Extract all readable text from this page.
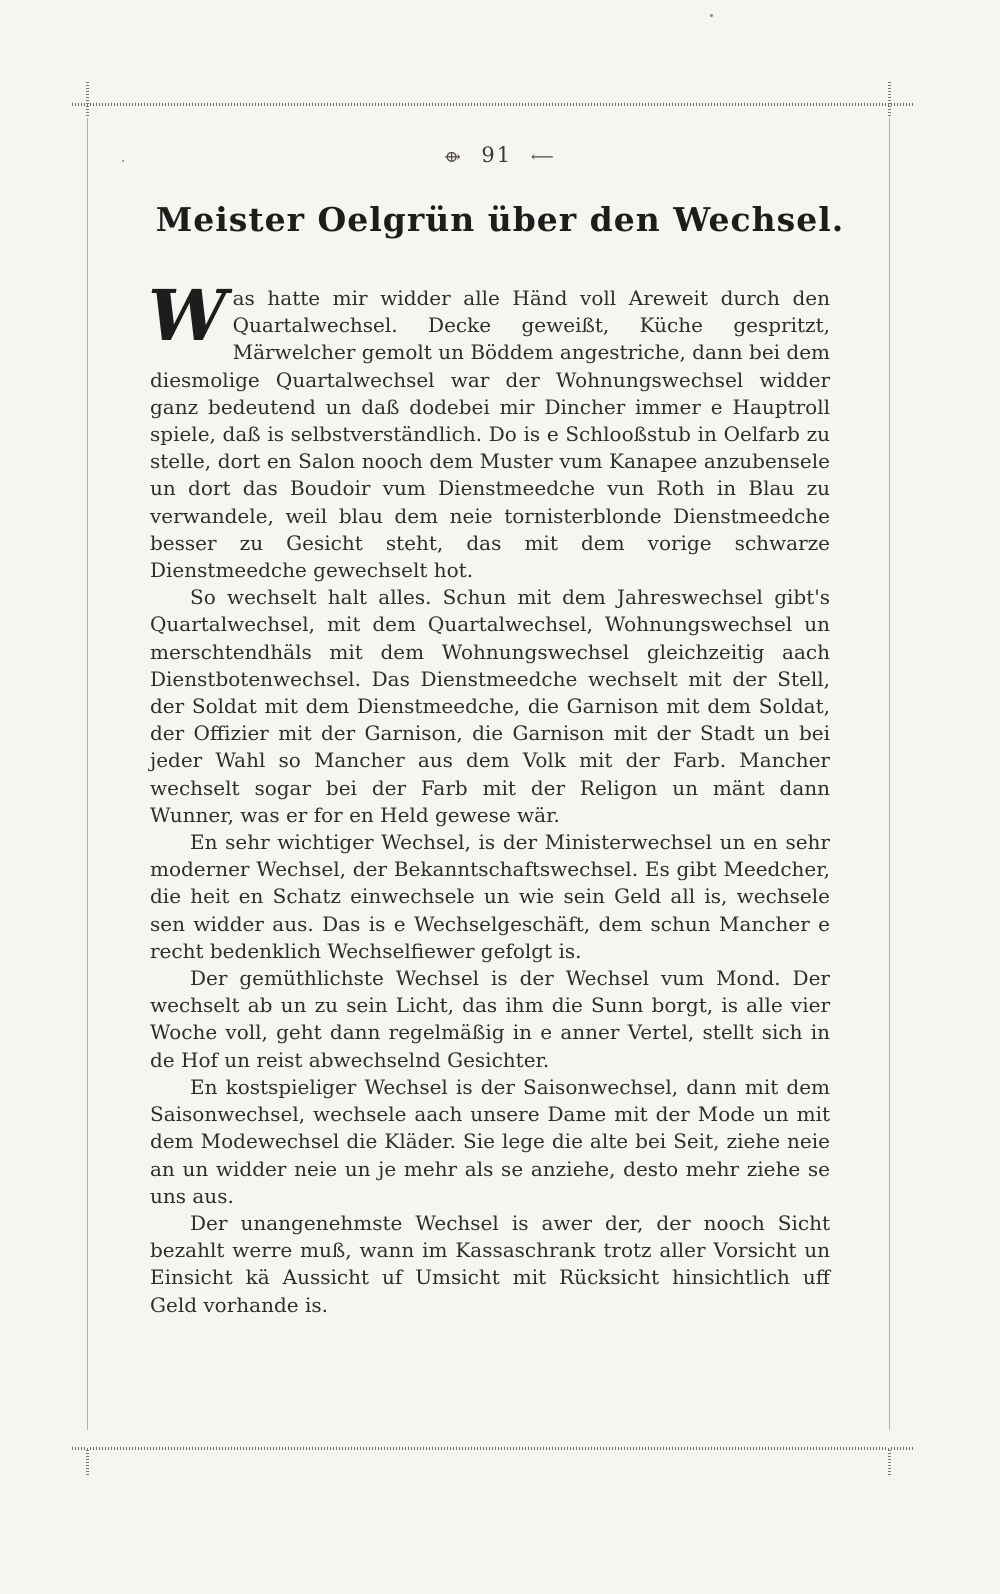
⟴ 91 ⟵
Meister Oelgrün über den Wechsel.

W as hatte mir widder alle Händ voll Areweit durch den Quartalwechsel. Decke geweißt, Küche gespritzt, Märwelcher gemolt un Böddem angestriche, dann bei dem diesmolige Quartalwechsel war der Wohnungswechsel widder ganz bedeutend un daß dodebei mir Dincher immer e Hauptroll spiele, daß is selbstverständlich. Do is e Schlooßstub in Oelfarb zu stelle, dort en Salon nooch dem Muster vum Kanapee anzubensele un dort das Boudoir vum Dienstmeedche vun Roth in Blau zu verwandele, weil blau dem neie tornisterblonde Dienstmeedche besser zu Gesicht steht, das mit dem vorige schwarze Dienstmeedche gewechselt hot.

So wechselt halt alles. Schun mit dem Jahreswechsel gibt's Quartalwechsel, mit dem Quartalwechsel, Wohnungswechsel un merschtendhäls mit dem Wohnungswechsel gleichzeitig aach Dienstbotenwechsel. Das Dienstmeedche wechselt mit der Stell, der Soldat mit dem Dienstmeedche, die Garnison mit dem Soldat, der Offizier mit der Garnison, die Garnison mit der Stadt un bei jeder Wahl so Mancher aus dem Volk mit der Farb. Mancher wechselt sogar bei der Farb mit der Religon un mänt dann Wunner, was er for en Held gewese wär.

En sehr wichtiger Wechsel, is der Ministerwechsel un en sehr moderner Wechsel, der Bekanntschaftswechsel. Es gibt Meedcher, die heit en Schatz einwechsele un wie sein Geld all is, wechsele sen widder aus. Das is e Wechselgeschäft, dem schun Mancher e recht bedenklich Wechselfiewer gefolgt is.

Der gemüthlichste Wechsel is der Wechsel vum Mond. Der wechselt ab un zu sein Licht, das ihm die Sunn borgt, is alle vier Woche voll, geht dann regelmäßig in e anner Vertel, stellt sich in de Hof un reist abwechselnd Gesichter.

En kostspieliger Wechsel is der Saisonwechsel, dann mit dem Saisonwechsel, wechsele aach unsere Dame mit der Mode un mit dem Modewechsel die Kläder. Sie lege die alte bei Seit, ziehe neie an un widder neie un je mehr als se anziehe, desto mehr ziehe se uns aus.

Der unangenehmste Wechsel is awer der, der nooch Sicht bezahlt werre muß, wann im Kassaschrank trotz aller Vorsicht un Einsicht kä Aussicht uf Umsicht mit Rücksicht hinsichtlich uff Geld vorhande is.
